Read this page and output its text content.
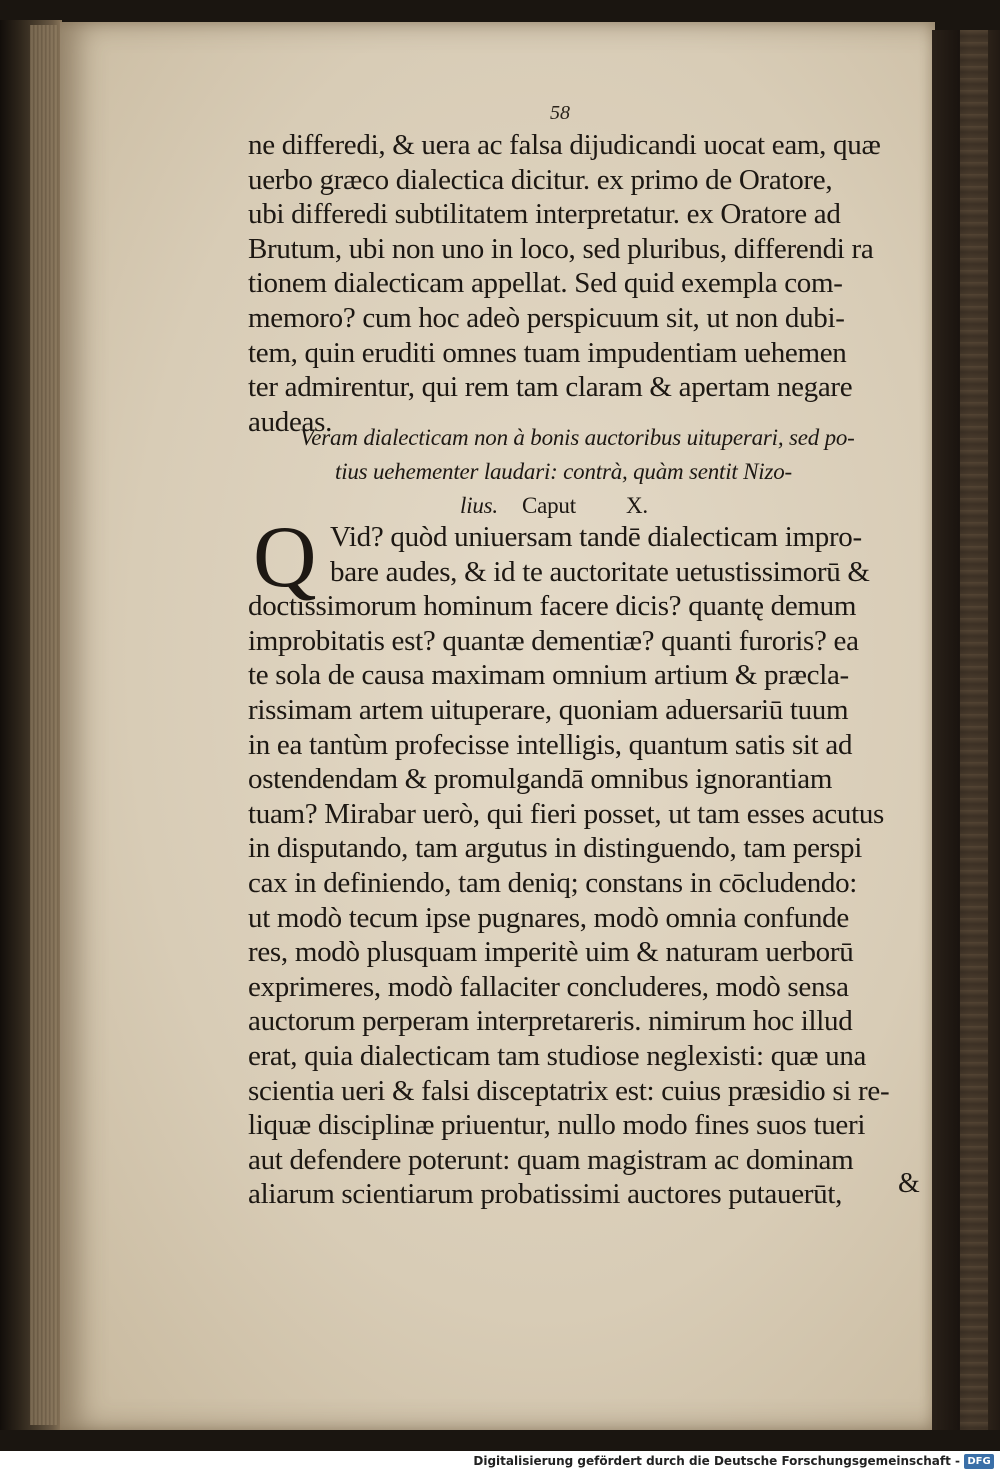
58
ne differedi, & uera ac falsa dijudicandi uocat eam, quæ
uerbo græco dialectica dicitur. ex primo de Oratore,
ubi differedi subtilitatem interpretatur. ex Oratore ad
Brutum, ubi non uno in loco, sed pluribus, differendi ra
tionem dialecticam appellat. Sed quid exempla com-
memoro? cum hoc adeò perspicuum sit, ut non dubi-
tem, quin eruditi omnes tuam impudentiam uehemen
ter admirentur, qui rem tam claram & apertam negare
audeas.
Veram dialecticam non à bonis auctoribus uituperari, sed po-
tius uehementer laudari: contrà, quàm sentit Nizo-
lius. Caput X.
Q Vid? quòd uniuersam tandē dialecticam impro-
bare audes, & id te auctoritate uetustissimorū &
doctissimorum hominum facere dicis? quantę demum
improbitatis est? quantæ dementiæ? quanti furoris? ea
te sola de causa maximam omnium artium & præcla-
rissimam artem uituperare, quoniam aduersariū tuum
in ea tantùm profecisse intelligis, quantum satis sit ad
ostendendam & promulgandā omnibus ignorantiam
tuam? Mirabar uerò, qui fieri posset, ut tam esses acutus
in disputando, tam argutus in distinguendo, tam perspi
cax in definiendo, tam deniq; constans in cōcludendo:
ut modò tecum ipse pugnares, modò omnia confunde
res, modò plusquam imperitè uim & naturam uerborū
exprimeres, modò fallaciter concluderes, modò sensa
auctorum perperam interpretareris. nimirum hoc illud
erat, quia dialecticam tam studiose neglexisti: quæ una
scientia ueri & falsi disceptatrix est: cuius præsidio si re-
liquæ disciplinæ priuentur, nullo modo fines suos tueri
aut defendere poterunt: quam magistram ac dominam
aliarum scientiarum probatissimi auctores putauerūt,	&
Digitalisierung gefördert durch die Deutsche Forschungsgemeinschaft - DFG
